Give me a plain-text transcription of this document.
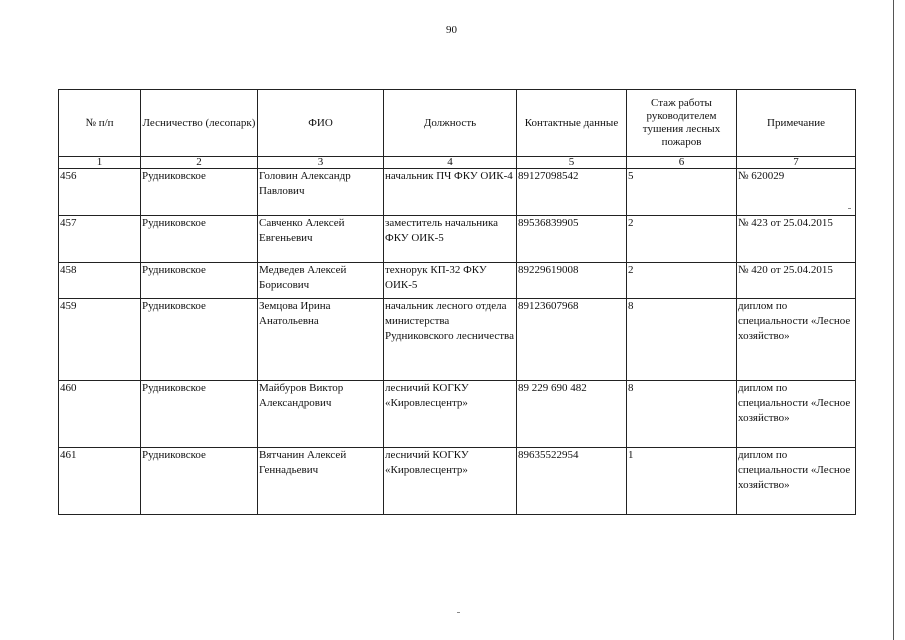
90
№ п/п	Лесничество (лесопарк)	ФИО	Должность	Контактные данные	Стаж работы руководителем тушения лесных пожаров	Примечание
1	2	3	4	5	6	7
456	Рудниковское	Головин Александр Павлович	начальник ПЧ ФКУ ОИК-4	89127098542	5	№ 620029
457	Рудниковское	Савченко Алексей Евгеньевич	заместитель начальника ФКУ ОИК-5	89536839905	2	№ 423 от 25.04.2015
458	Рудниковское	Медведев Алексей Борисович	технорук КП-32 ФКУ ОИК-5	89229619008	2	№ 420 от 25.04.2015
459	Рудниковское	Земцова Ирина Анатольевна	начальник лесного отдела министерства Рудниковского лесничества	89123607968	8	диплом по специальности «Лесное хозяйство»
460	Рудниковское	Майбуров Виктор Александрович	лесничий КОГКУ «Кировлесцентр»	89 229 690 482	8	диплом по специальности «Лесное хозяйство»
461	Рудниковское	Вятчанин Алексей Геннадьевич	лесничий КОГКУ «Кировлесцентр»	89635522954	1	диплом по специальности «Лесное хозяйство»
